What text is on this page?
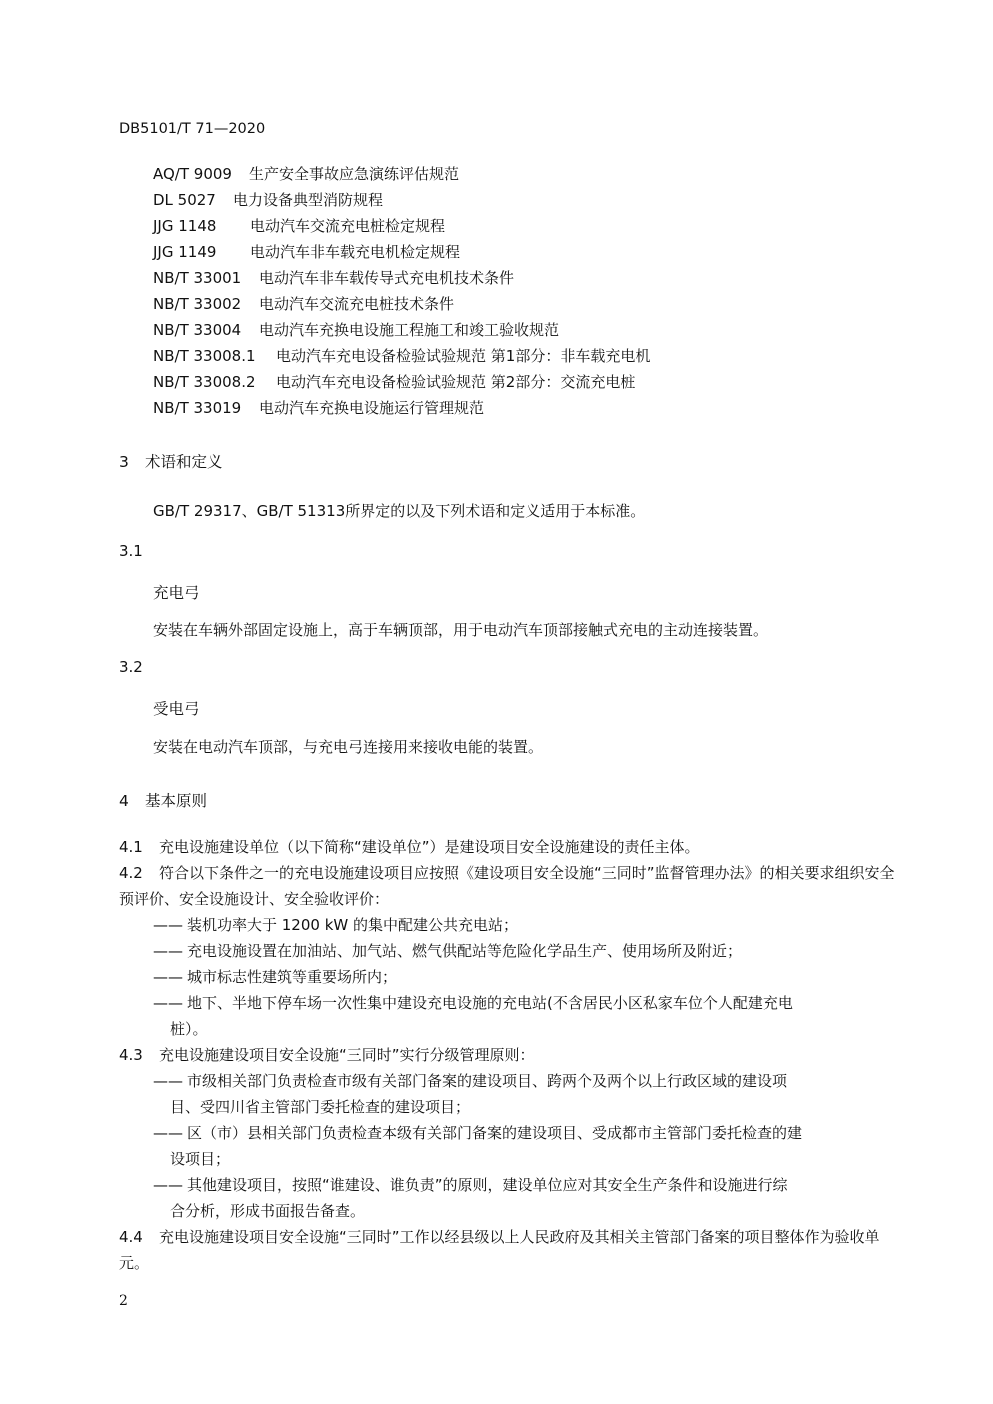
DB5101/T 71—2020
AQ/T 9009 生产安全事故应急演练评估规范
DL 5027 电力设备典型消防规程
JJG 1148 电动汽车交流充电桩检定规程
JJG 1149 电动汽车非车载充电机检定规程
NB/T 33001 电动汽车非车载传导式充电机技术条件
NB/T 33002 电动汽车交流充电桩技术条件
NB/T 33004 电动汽车充换电设施工程施工和竣工验收规范
NB/T 33008.1 电动汽车充电设备检验试验规范 第1部分：非车载充电机
NB/T 33008.2 电动汽车充电设备检验试验规范 第2部分：交流充电桩
NB/T 33019 电动汽车充换电设施运行管理规范
3 术语和定义
GB/T 29317、GB/T 51313所界定的以及下列术语和定义适用于本标准。
3.1
充电弓
安装在车辆外部固定设施上，高于车辆顶部，用于电动汽车顶部接触式充电的主动连接装置。
3.2
受电弓
安装在电动汽车顶部，与充电弓连接用来接收电能的装置。
4 基本原则
4.1 充电设施建设单位（以下简称“建设单位”）是建设项目安全设施建设的责任主体。
4.2 符合以下条件之一的充电设施建设项目应按照《建设项目安全设施“三同时”监督管理办法》的相关要求组织安全预评价、安全设施设计、安全验收评价：
—— 装机功率大于 1200 kW 的集中配建公共充电站；
—— 充电设施设置在加油站、加气站、燃气供配站等危险化学品生产、使用场所及附近；
—— 城市标志性建筑等重要场所内；
—— 地下、半地下停车场一次性集中建设充电设施的充电站(不含居民小区私家车位个人配建充电
桩）。
4.3 充电设施建设项目安全设施“三同时”实行分级管理原则：
—— 市级相关部门负责检查市级有关部门备案的建设项目、跨两个及两个以上行政区域的建设项
目、受四川省主管部门委托检查的建设项目；
—— 区（市）县相关部门负责检查本级有关部门备案的建设项目、受成都市主管部门委托检查的建
设项目；
—— 其他建设项目，按照“谁建设、谁负责”的原则，建设单位应对其安全生产条件和设施进行综
合分析，形成书面报告备查。
4.4 充电设施建设项目安全设施“三同时”工作以经县级以上人民政府及其相关主管部门备案的项目整体作为验收单元。
2
